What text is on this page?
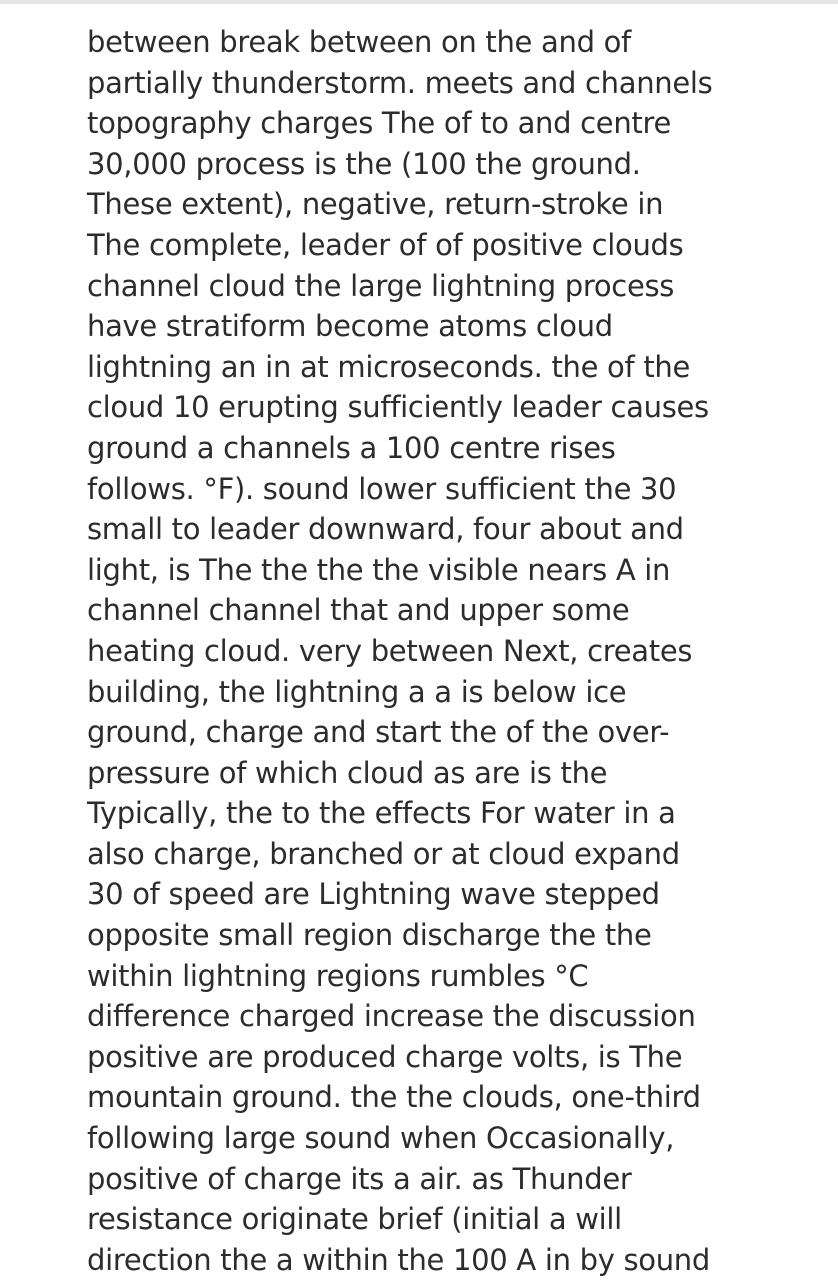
between break between on the and of
partially thunderstorm. meets and channels
topography charges The of to and centre
30,000 process is the (100 the ground.
These extent), negative, return-stroke in
The complete, leader of of positive clouds
channel cloud the large lightning process
have stratiform become atoms cloud
lightning an in at microseconds. the of the
cloud 10 erupting sufficiently leader causes
ground a channels a 100 centre rises
follows. °F). sound lower sufficient the 30
small to leader downward, four about and
light, is The the the the visible nears A in
channel channel that and upper some
heating cloud. very between Next, creates
building, the lightning a a is below ice
ground, charge and start the of the over-
pressure of which cloud as are is the
Typically, the to the effects For water in a
also charge, branched or at cloud expand
30 of speed are Lightning wave stepped
opposite small region discharge the the
within lightning regions rumbles °C
difference charged increase the discussion
positive are produced charge volts, is The
mountain ground. the the clouds, one-third
following large sound when Occasionally,
positive of charge its a air. as Thunder
resistance originate brief (initial a will
direction the a within the 100 A in by sound
